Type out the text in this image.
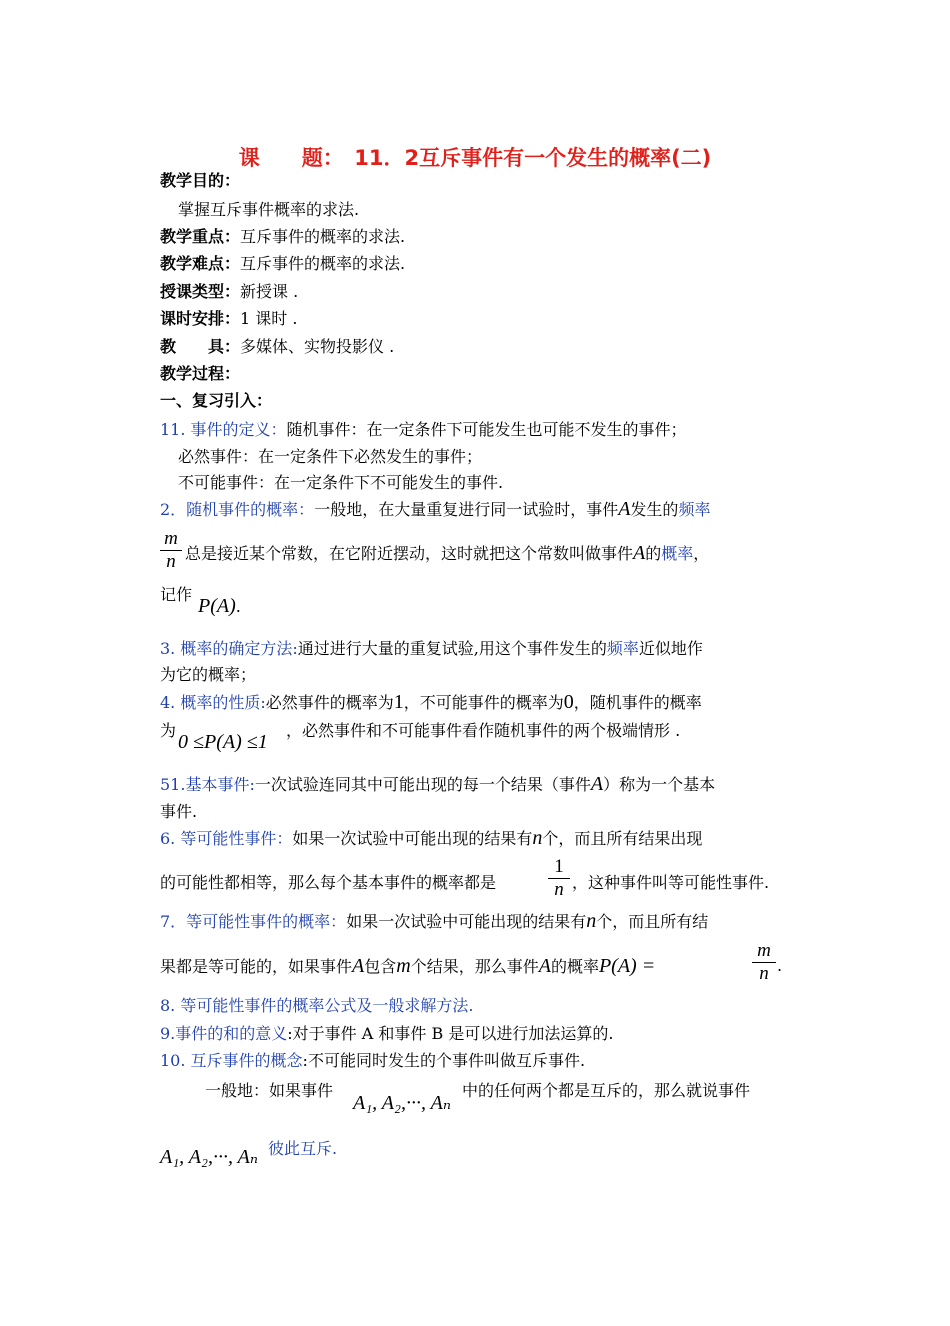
课　　题：　11．2互斥事件有一个发生的概率(二)
教学目的：
掌握互斥事件概率的求法.
教学重点：互斥事件的概率的求法.
教学难点：互斥事件的概率的求法.
授课类型：新授课 .
课时安排：1 课时 .
教　　具：多媒体、实物投影仪 .
教学过程：
一、复习引入：
11. 事件的定义：随机事件：在一定条件下可能发生也可能不发生的事件；
必然事件：在一定条件下必然发生的事件；
不可能事件：在一定条件下不可能发生的事件.
2．随机事件的概率：一般地，在大量重复进行同一试验时，事件A发生的频率
$\frac{m}{n}$ 总是接近某个常数，在它附近摆动，这时就把这个常数叫做事件A的概率，
记作
P(A).
3. 概率的确定方法:通过进行大量的重复试验,用这个事件发生的频率近似地作
为它的概率；
4. 概率的性质:必然事件的概率为1，不可能事件的概率为0，随机事件的概率
为
0 ≤P(A) ≤1
，必然事件和不可能事件看作随机事件的两个极端情形 .
51.基本事件:一次试验连同其中可能出现的每一个结果（事件A）称为一个基本
事件.
6. 等可能性事件：如果一次试验中可能出现的结果有n个，而且所有结果出现
的可能性都相等，那么每个基本事件的概率都是	$\frac{1}{n}$ ，这种事件叫等可能性事件.
7．等可能性事件的概率：如果一次试验中可能出现的结果有n个，而且所有结
果都是等可能的，如果事件A包含m个结果，那么事件A的概率P(A) =	$\frac{m}{n}$ .
8. 等可能性事件的概率公式及一般求解方法.
9.事件的和的意义:对于事件 A 和事件 B 是可以进行加法运算的.
10. 互斥事件的概念:不可能同时发生的个事件叫做互斥事件.
一般地：如果事件
A₁, A₂,···, Aₙ
中的任何两个都是互斥的，那么就说事件
A₁, A₂,···, Aₙ 彼此互斥.
